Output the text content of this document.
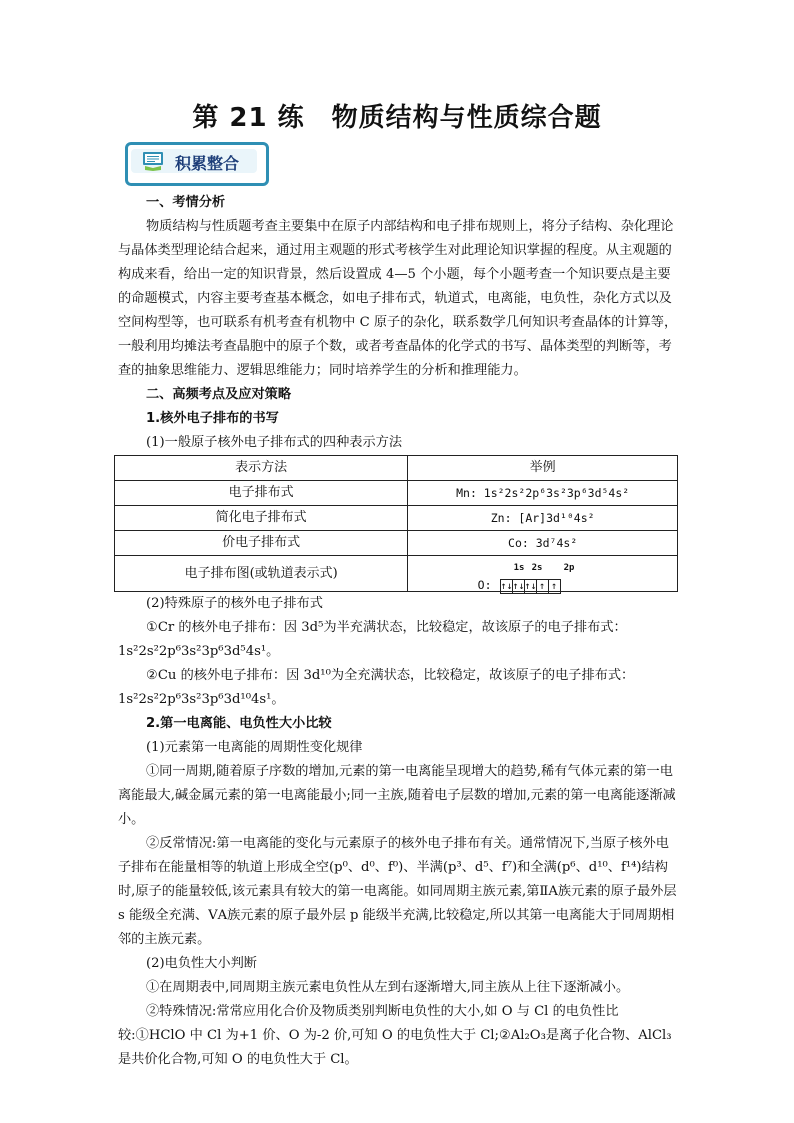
第 21 练　物质结构与性质综合题
积累整合

一、考情分析

物质结构与性质题考查主要集中在原子内部结构和电子排布规则上，将分子结构、杂化理论与晶体类型理论结合起来，通过用主观题的形式考核学生对此理论知识掌握的程度。从主观题的构成来看，给出一定的知识背景，然后设置成 4—5 个小题，每个小题考查一个知识要点是主要的命题模式，内容主要考查基本概念，如电子排布式，轨道式，电离能，电负性，杂化方式以及空间构型等，也可联系有机考查有机物中 C 原子的杂化，联系数学几何知识考查晶体的计算等，一般利用均摊法考查晶胞中的原子个数，或者考查晶体的化学式的书写、晶体类型的判断等，考查的抽象思维能力、逻辑思维能力；同时培养学生的分析和推理能力。

二、高频考点及应对策略

1.核外电子排布的书写

(1)一般原子核外电子排布式的四种表示方法

表示方法	举例
电子排布式	Mn: 1s²2s²2p⁶3s²3p⁶3d⁵4s²
简化电子排布式	Zn: [Ar]3d¹⁰4s²
价电子排布式	Co: 3d⁷4s²
电子排布图(或轨道表示式)	1s 2s 2p
O: ↑↓↑↓↑↓ ↑ ↑

(2)特殊原子的核外电子排布式

①Cr 的核外电子排布：因 3d⁵为半充满状态，比较稳定，故该原子的电子排布式：1s²2s²2p⁶3s²3p⁶3d⁵4s¹。

②Cu 的核外电子排布：因 3d¹⁰为全充满状态，比较稳定，故该原子的电子排布式：1s²2s²2p⁶3s²3p⁶3d¹⁰4s¹。

2.第一电离能、电负性大小比较

(1)元素第一电离能的周期性变化规律

①同一周期,随着原子序数的增加,元素的第一电离能呈现增大的趋势,稀有气体元素的第一电离能最大,碱金属元素的第一电离能最小;同一主族,随着电子层数的增加,元素的第一电离能逐渐减小。

②反常情况:第一电离能的变化与元素原子的核外电子排布有关。通常情况下,当原子核外电子排布在能量相等的轨道上形成全空(p⁰、d⁰、f⁰)、半满(p³、d⁵、f⁷)和全满(p⁶、d¹⁰、f¹⁴)结构时,原子的能量较低,该元素具有较大的第一电离能。如同周期主族元素,第ⅡA族元素的原子最外层 s 能级全充满、ⅤA族元素的原子最外层 p 能级半充满,比较稳定,所以其第一电离能大于同周期相邻的主族元素。

(2)电负性大小判断

①在周期表中,同周期主族元素电负性从左到右逐渐增大,同主族从上往下逐渐减小。

②特殊情况:常常应用化合价及物质类别判断电负性的大小,如 O 与 Cl 的电负性比较:①HClO 中 Cl 为+1 价、O 为-2 价,可知 O 的电负性大于 Cl;②Al₂O₃是离子化合物、AlCl₃是共价化合物,可知 O 的电负性大于 Cl。
